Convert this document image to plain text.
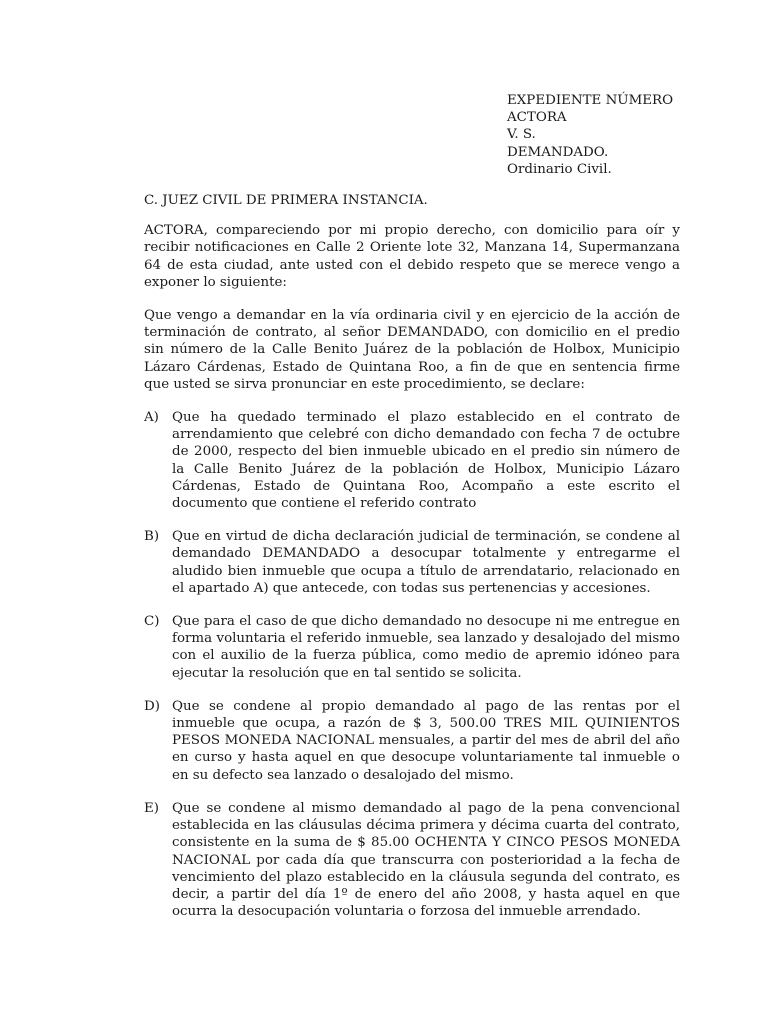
EXPEDIENTE NÚMERO
ACTORA
V. S.
DEMANDADO.
Ordinario Civil.

C. JUEZ CIVIL DE PRIMERA INSTANCIA.

ACTORA, compareciendo por mi propio derecho, con domicilio para oír y recibir notificaciones en Calle 2 Oriente lote 32, Manzana 14, Supermanzana 64 de esta ciudad, ante usted con el debido respeto que se merece vengo a exponer lo siguiente:

Que vengo a demandar en la vía ordinaria civil y en ejercicio de la acción de terminación de contrato, al señor DEMANDADO, con domicilio en el predio sin número de la Calle Benito Juárez de la población de Holbox, Municipio Lázaro Cárdenas, Estado de Quintana Roo, a fin de que en sentencia firme que usted se sirva pronunciar en este procedimiento, se declare:

A) Que ha quedado terminado el plazo establecido en el contrato de arrendamiento que celebré con dicho demandado con fecha 7 de octubre de 2000, respecto del bien inmueble ubicado en el predio sin número de la Calle Benito Juárez de la población de Holbox, Municipio Lázaro Cárdenas, Estado de Quintana Roo, Acompaño a este escrito el documento que contiene el referido contrato
B) Que en virtud de dicha declaración judicial de terminación, se condene al demandado DEMANDADO a desocupar totalmente y entregarme el aludido bien inmueble que ocupa a título de arrendatario, relacionado en el apartado A) que antecede, con todas sus pertenencias y accesiones.
C) Que para el caso de que dicho demandado no desocupe ni me entregue en forma voluntaria el referido inmueble, sea lanzado y desalojado del mismo con el auxilio de la fuerza pública, como medio de apremio idóneo para ejecutar la resolución que en tal sentido se solicita.
D) Que se condene al propio demandado al pago de las rentas por el inmueble que ocupa, a razón de $ 3, 500.00 TRES MIL QUINIENTOS PESOS MONEDA NACIONAL mensuales, a partir del mes de abril del año en curso y hasta aquel en que desocupe voluntariamente tal inmueble o en su defecto sea lanzado o desalojado del mismo.
E) Que se condene al mismo demandado al pago de la pena convencional establecida en las cláusulas décima primera y décima cuarta del contrato, consistente en la suma de $ 85.00 OCHENTA Y CINCO PESOS MONEDA NACIONAL por cada día que transcurra con posterioridad a la fecha de vencimiento del plazo establecido en la cláusula segunda del contrato, es decir, a partir del día 1º de enero del año 2008, y hasta aquel en que ocurra la desocupación voluntaria o forzosa del inmueble arrendado.
